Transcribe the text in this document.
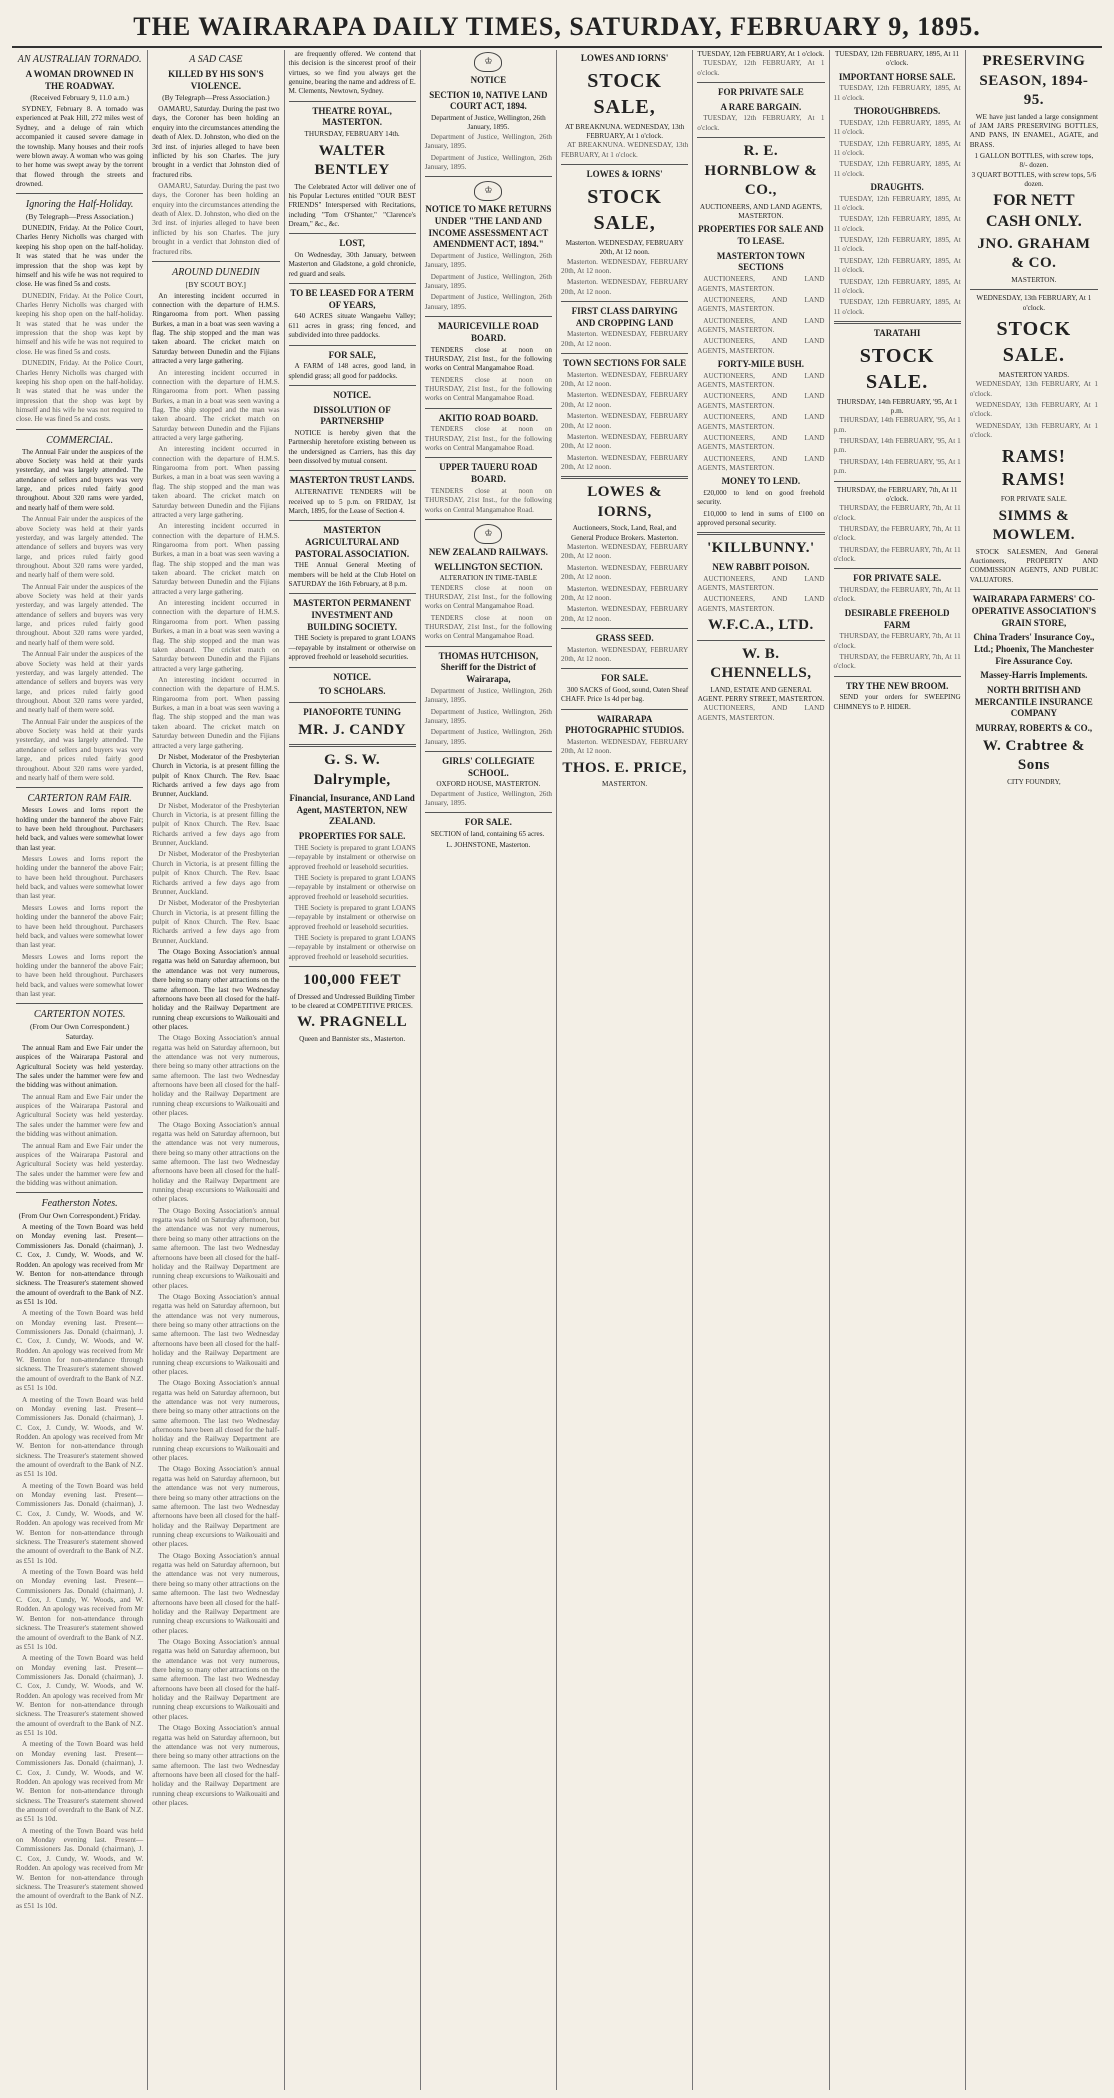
THE WAIRARAPA DAILY TIMES, SATURDAY, FEBRUARY 9, 1895.
AN AUSTRALIAN TORNADO.
A WOMAN DROWNED IN THE ROADWAY.
(Received February 9, 11.0 a.m.)

SYDNEY, February 8. A tornado was experienced at Peak Hill, 272 miles west of Sydney, and a deluge of rain which accompanied it caused severe damage in the township. Many houses and their roofs were blown away. A woman who was going to her home was swept away by the torrent that flowed through the streets and drowned.

Ignoring the Half-Holiday.
(By Telegraph—Press Association.)

DUNEDIN, Friday. At the Police Court, Charles Henry Nicholls was charged with keeping his shop open on the half-holiday. It was stated that he was under the impression that the shop was kept by himself and his wife he was not required to close. He was fined 5s and costs.

DUNEDIN, Friday. At the Police Court, Charles Henry Nicholls was charged with keeping his shop open on the half-holiday. It was stated that he was under the impression that the shop was kept by himself and his wife he was not required to close. He was fined 5s and costs.

DUNEDIN, Friday. At the Police Court, Charles Henry Nicholls was charged with keeping his shop open on the half-holiday. It was stated that he was under the impression that the shop was kept by himself and his wife he was not required to close. He was fined 5s and costs.

COMMERCIAL.

The Annual Fair under the auspices of the above Society was held at their yards yesterday, and was largely attended. The attendance of sellers and buyers was very large, and prices ruled fairly good throughout. About 320 rams were yarded, and nearly half of them were sold.

The Annual Fair under the auspices of the above Society was held at their yards yesterday, and was largely attended. The attendance of sellers and buyers was very large, and prices ruled fairly good throughout. About 320 rams were yarded, and nearly half of them were sold.

The Annual Fair under the auspices of the above Society was held at their yards yesterday, and was largely attended. The attendance of sellers and buyers was very large, and prices ruled fairly good throughout. About 320 rams were yarded, and nearly half of them were sold.

The Annual Fair under the auspices of the above Society was held at their yards yesterday, and was largely attended. The attendance of sellers and buyers was very large, and prices ruled fairly good throughout. About 320 rams were yarded, and nearly half of them were sold.

The Annual Fair under the auspices of the above Society was held at their yards yesterday, and was largely attended. The attendance of sellers and buyers was very large, and prices ruled fairly good throughout. About 320 rams were yarded, and nearly half of them were sold.

CARTERTON RAM FAIR.

Messrs Lowes and Iorns report the holding under the bannerof the above Fair; to have been held throughout. Purchasers held back, and values were somewhat lower than last year.

Messrs Lowes and Iorns report the holding under the bannerof the above Fair; to have been held throughout. Purchasers held back, and values were somewhat lower than last year.

Messrs Lowes and Iorns report the holding under the bannerof the above Fair; to have been held throughout. Purchasers held back, and values were somewhat lower than last year.

Messrs Lowes and Iorns report the holding under the bannerof the above Fair; to have been held throughout. Purchasers held back, and values were somewhat lower than last year.

CARTERTON NOTES.
(From Our Own Correspondent.) Saturday.

The annual Ram and Ewe Fair under the auspices of the Wairarapa Pastoral and Agricultural Society was held yesterday. The sales under the hammer were few and the bidding was without animation.

The annual Ram and Ewe Fair under the auspices of the Wairarapa Pastoral and Agricultural Society was held yesterday. The sales under the hammer were few and the bidding was without animation.

The annual Ram and Ewe Fair under the auspices of the Wairarapa Pastoral and Agricultural Society was held yesterday. The sales under the hammer were few and the bidding was without animation.

Featherston Notes.
(From Our Own Correspondent.) Friday.

A meeting of the Town Board was held on Monday evening last. Present—Commissioners Jas. Donald (chairman), J. C. Cox, J. Cundy, W. Woods, and W. Rodden. An apology was received from Mr W. Benton for non-attendance through sickness. The Treasurer's statement showed the amount of overdraft to the Bank of N.Z. as £51 1s 10d.

A meeting of the Town Board was held on Monday evening last. Present—Commissioners Jas. Donald (chairman), J. C. Cox, J. Cundy, W. Woods, and W. Rodden. An apology was received from Mr W. Benton for non-attendance through sickness. The Treasurer's statement showed the amount of overdraft to the Bank of N.Z. as £51 1s 10d.

A meeting of the Town Board was held on Monday evening last. Present—Commissioners Jas. Donald (chairman), J. C. Cox, J. Cundy, W. Woods, and W. Rodden. An apology was received from Mr W. Benton for non-attendance through sickness. The Treasurer's statement showed the amount of overdraft to the Bank of N.Z. as £51 1s 10d.

A meeting of the Town Board was held on Monday evening last. Present—Commissioners Jas. Donald (chairman), J. C. Cox, J. Cundy, W. Woods, and W. Rodden. An apology was received from Mr W. Benton for non-attendance through sickness. The Treasurer's statement showed the amount of overdraft to the Bank of N.Z. as £51 1s 10d.

A meeting of the Town Board was held on Monday evening last. Present—Commissioners Jas. Donald (chairman), J. C. Cox, J. Cundy, W. Woods, and W. Rodden. An apology was received from Mr W. Benton for non-attendance through sickness. The Treasurer's statement showed the amount of overdraft to the Bank of N.Z. as £51 1s 10d.

A meeting of the Town Board was held on Monday evening last. Present—Commissioners Jas. Donald (chairman), J. C. Cox, J. Cundy, W. Woods, and W. Rodden. An apology was received from Mr W. Benton for non-attendance through sickness. The Treasurer's statement showed the amount of overdraft to the Bank of N.Z. as £51 1s 10d.

A meeting of the Town Board was held on Monday evening last. Present—Commissioners Jas. Donald (chairman), J. C. Cox, J. Cundy, W. Woods, and W. Rodden. An apology was received from Mr W. Benton for non-attendance through sickness. The Treasurer's statement showed the amount of overdraft to the Bank of N.Z. as £51 1s 10d.

A meeting of the Town Board was held on Monday evening last. Present—Commissioners Jas. Donald (chairman), J. C. Cox, J. Cundy, W. Woods, and W. Rodden. An apology was received from Mr W. Benton for non-attendance through sickness. The Treasurer's statement showed the amount of overdraft to the Bank of N.Z. as £51 1s 10d.

A SAD CASE
KILLED BY HIS SON'S VIOLENCE.
(By Telegraph—Press Association.)

OAMARU, Saturday. During the past two days, the Coroner has been holding an enquiry into the circumstances attending the death of Alex. D. Johnston, who died on the 3rd inst. of injuries alleged to have been inflicted by his son Charles. The jury brought in a verdict that Johnston died of fractured ribs.

OAMARU, Saturday. During the past two days, the Coroner has been holding an enquiry into the circumstances attending the death of Alex. D. Johnston, who died on the 3rd inst. of injuries alleged to have been inflicted by his son Charles. The jury brought in a verdict that Johnston died of fractured ribs.

AROUND DUNEDIN
[BY SCOUT BOY.]

An interesting incident occurred in connection with the departure of H.M.S. Ringarooma from port. When passing Burkes, a man in a boat was seen waving a flag. The ship stopped and the man was taken aboard. The cricket match on Saturday between Dunedin and the Fijians attracted a very large gathering.

An interesting incident occurred in connection with the departure of H.M.S. Ringarooma from port. When passing Burkes, a man in a boat was seen waving a flag. The ship stopped and the man was taken aboard. The cricket match on Saturday between Dunedin and the Fijians attracted a very large gathering.

An interesting incident occurred in connection with the departure of H.M.S. Ringarooma from port. When passing Burkes, a man in a boat was seen waving a flag. The ship stopped and the man was taken aboard. The cricket match on Saturday between Dunedin and the Fijians attracted a very large gathering.

An interesting incident occurred in connection with the departure of H.M.S. Ringarooma from port. When passing Burkes, a man in a boat was seen waving a flag. The ship stopped and the man was taken aboard. The cricket match on Saturday between Dunedin and the Fijians attracted a very large gathering.

An interesting incident occurred in connection with the departure of H.M.S. Ringarooma from port. When passing Burkes, a man in a boat was seen waving a flag. The ship stopped and the man was taken aboard. The cricket match on Saturday between Dunedin and the Fijians attracted a very large gathering.

An interesting incident occurred in connection with the departure of H.M.S. Ringarooma from port. When passing Burkes, a man in a boat was seen waving a flag. The ship stopped and the man was taken aboard. The cricket match on Saturday between Dunedin and the Fijians attracted a very large gathering.

Dr Nisbet, Moderator of the Presbyterian Church in Victoria, is at present filling the pulpit of Knox Church. The Rev. Isaac Richards arrived a few days ago from Brunner, Auckland.

Dr Nisbet, Moderator of the Presbyterian Church in Victoria, is at present filling the pulpit of Knox Church. The Rev. Isaac Richards arrived a few days ago from Brunner, Auckland.

Dr Nisbet, Moderator of the Presbyterian Church in Victoria, is at present filling the pulpit of Knox Church. The Rev. Isaac Richards arrived a few days ago from Brunner, Auckland.

Dr Nisbet, Moderator of the Presbyterian Church in Victoria, is at present filling the pulpit of Knox Church. The Rev. Isaac Richards arrived a few days ago from Brunner, Auckland.

The Otago Boxing Association's annual regatta was held on Saturday afternoon, but the attendance was not very numerous, there being so many other attractions on the same afternoon. The last two Wednesday afternoons have been all closed for the half-holiday and the Railway Department are running cheap excursions to Waikouaiti and other places.

The Otago Boxing Association's annual regatta was held on Saturday afternoon, but the attendance was not very numerous, there being so many other attractions on the same afternoon. The last two Wednesday afternoons have been all closed for the half-holiday and the Railway Department are running cheap excursions to Waikouaiti and other places.

The Otago Boxing Association's annual regatta was held on Saturday afternoon, but the attendance was not very numerous, there being so many other attractions on the same afternoon. The last two Wednesday afternoons have been all closed for the half-holiday and the Railway Department are running cheap excursions to Waikouaiti and other places.

The Otago Boxing Association's annual regatta was held on Saturday afternoon, but the attendance was not very numerous, there being so many other attractions on the same afternoon. The last two Wednesday afternoons have been all closed for the half-holiday and the Railway Department are running cheap excursions to Waikouaiti and other places.

The Otago Boxing Association's annual regatta was held on Saturday afternoon, but the attendance was not very numerous, there being so many other attractions on the same afternoon. The last two Wednesday afternoons have been all closed for the half-holiday and the Railway Department are running cheap excursions to Waikouaiti and other places.

The Otago Boxing Association's annual regatta was held on Saturday afternoon, but the attendance was not very numerous, there being so many other attractions on the same afternoon. The last two Wednesday afternoons have been all closed for the half-holiday and the Railway Department are running cheap excursions to Waikouaiti and other places.

The Otago Boxing Association's annual regatta was held on Saturday afternoon, but the attendance was not very numerous, there being so many other attractions on the same afternoon. The last two Wednesday afternoons have been all closed for the half-holiday and the Railway Department are running cheap excursions to Waikouaiti and other places.

The Otago Boxing Association's annual regatta was held on Saturday afternoon, but the attendance was not very numerous, there being so many other attractions on the same afternoon. The last two Wednesday afternoons have been all closed for the half-holiday and the Railway Department are running cheap excursions to Waikouaiti and other places.

The Otago Boxing Association's annual regatta was held on Saturday afternoon, but the attendance was not very numerous, there being so many other attractions on the same afternoon. The last two Wednesday afternoons have been all closed for the half-holiday and the Railway Department are running cheap excursions to Waikouaiti and other places.

The Otago Boxing Association's annual regatta was held on Saturday afternoon, but the attendance was not very numerous, there being so many other attractions on the same afternoon. The last two Wednesday afternoons have been all closed for the half-holiday and the Railway Department are running cheap excursions to Waikouaiti and other places.

are frequently offered. We contend that this decision is the sincerest proof of their virtues, so we find you always get the genuine, bearing the name and address of E. M. Clements, Newtown, Sydney.

THEATRE ROYAL, MASTERTON.
THURSDAY, FEBRUARY 14th.
WALTER BENTLEY

The Celebrated Actor will deliver one of his Popular Lectures entitled "OUR BEST FRIENDS" Interspersed with Recitations, including "Tom O'Shanter," "Clarence's Dream," &c., &c.

LOST,

On Wednesday, 30th January, between Masterton and Gladstone, a gold chronicle, red guard and seals.

TO BE LEASED FOR A TERM OF YEARS,

640 ACRES situate Wangaehu Valley; 611 acres in grass; ring fenced, and subdivided into three paddocks.

FOR SALE,

A FARM of 148 acres, good land, in splendid grass; all good for paddocks.

NOTICE.
DISSOLUTION OF PARTNERSHIP

NOTICE is hereby given that the Partnership heretofore existing between us the undersigned as Carriers, has this day been dissolved by mutual consent.

MASTERTON TRUST LANDS.

ALTERNATIVE TENDERS will be received up to 5 p.m. on FRIDAY, 1st March, 1895, for the Lease of Section 4.

MASTERTON AGRICULTURAL AND PASTORAL ASSOCIATION.

THE Annual General Meeting of members will be held at the Club Hotel on SATURDAY the 16th February, at 8 p.m.

MASTERTON PERMANENT INVESTMENT AND BUILDING SOCIETY.

THE Society is prepared to grant LOANS—repayable by instalment or otherwise on approved freehold or leasehold securities.

NOTICE.
TO SCHOLARS.
PIANOFORTE TUNING
MR. J. CANDY
G. S. W. Dalrymple,
Financial, Insurance, AND Land Agent, MASTERTON, NEW ZEALAND.
PROPERTIES FOR SALE.

THE Society is prepared to grant LOANS—repayable by instalment or otherwise on approved freehold or leasehold securities.

THE Society is prepared to grant LOANS—repayable by instalment or otherwise on approved freehold or leasehold securities.

THE Society is prepared to grant LOANS—repayable by instalment or otherwise on approved freehold or leasehold securities.

THE Society is prepared to grant LOANS—repayable by instalment or otherwise on approved freehold or leasehold securities.

100,000 FEET
of Dressed and Undressed Building Timber to be cleared at COMPETITIVE PRICES.
W. PRAGNELL
Queen and Bannister sts., Masterton.
♔
NOTICE
SECTION 10, NATIVE LAND COURT ACT, 1894.
Department of Justice, Wellington, 26th January, 1895.

Department of Justice, Wellington, 26th January, 1895.

Department of Justice, Wellington, 26th January, 1895.

♔
NOTICE TO MAKE RETURNS UNDER "THE LAND AND INCOME ASSESSMENT ACT AMENDMENT ACT, 1894."

Department of Justice, Wellington, 26th January, 1895.

Department of Justice, Wellington, 26th January, 1895.

Department of Justice, Wellington, 26th January, 1895.

MAURICEVILLE ROAD BOARD.

TENDERS close at noon on THURSDAY, 21st Inst., for the following works on Central Mangamahoe Road.

TENDERS close at noon on THURSDAY, 21st Inst., for the following works on Central Mangamahoe Road.

AKITIO ROAD BOARD.

TENDERS close at noon on THURSDAY, 21st Inst., for the following works on Central Mangamahoe Road.

UPPER TAUERU ROAD BOARD.

TENDERS close at noon on THURSDAY, 21st Inst., for the following works on Central Mangamahoe Road.

♔
NEW ZEALAND RAILWAYS.
WELLINGTON SECTION.
ALTERATION IN TIME-TABLE

TENDERS close at noon on THURSDAY, 21st Inst., for the following works on Central Mangamahoe Road.

TENDERS close at noon on THURSDAY, 21st Inst., for the following works on Central Mangamahoe Road.

THOMAS HUTCHISON, Sheriff for the District of Wairarapa,

Department of Justice, Wellington, 26th January, 1895.

Department of Justice, Wellington, 26th January, 1895.

Department of Justice, Wellington, 26th January, 1895.

GIRLS' COLLEGIATE SCHOOL.
OXFORD HOUSE, MASTERTON.

Department of Justice, Wellington, 26th January, 1895.

FOR SALE.

SECTION of land, containing 65 acres.

L. JOHNSTONE, Masterton.
LOWES AND IORNS'
STOCK SALE,
AT BREAKNUNA. WEDNESDAY, 13th FEBRUARY, At 1 o'clock.

AT BREAKNUNA. WEDNESDAY, 13th FEBRUARY, At 1 o'clock.

LOWES & IORNS'
STOCK SALE,
Masterton. WEDNESDAY, FEBRUARY 20th, At 12 noon.

Masterton. WEDNESDAY, FEBRUARY 20th, At 12 noon.

Masterton. WEDNESDAY, FEBRUARY 20th, At 12 noon.

FIRST CLASS DAIRYING AND CROPPING LAND

Masterton. WEDNESDAY, FEBRUARY 20th, At 12 noon.

TOWN SECTIONS FOR SALE

Masterton. WEDNESDAY, FEBRUARY 20th, At 12 noon.

Masterton. WEDNESDAY, FEBRUARY 20th, At 12 noon.

Masterton. WEDNESDAY, FEBRUARY 20th, At 12 noon.

Masterton. WEDNESDAY, FEBRUARY 20th, At 12 noon.

Masterton. WEDNESDAY, FEBRUARY 20th, At 12 noon.

LOWES & IORNS,
Auctioneers, Stock, Land, Real, and General Produce Brokers. Masterton.

Masterton. WEDNESDAY, FEBRUARY 20th, At 12 noon.

Masterton. WEDNESDAY, FEBRUARY 20th, At 12 noon.

Masterton. WEDNESDAY, FEBRUARY 20th, At 12 noon.

Masterton. WEDNESDAY, FEBRUARY 20th, At 12 noon.

GRASS SEED.

Masterton. WEDNESDAY, FEBRUARY 20th, At 12 noon.

FOR SALE.

300 SACKS of Good, sound, Oaten Sheaf CHAFF. Price 1s 4d per bag.

WAIRARAPA PHOTOGRAPHIC STUDIOS.

Masterton. WEDNESDAY, FEBRUARY 20th, At 12 noon.

THOS. E. PRICE,
MASTERTON.
TUESDAY, 12th FEBRUARY, At 1 o'clock.

TUESDAY, 12th FEBRUARY, At 1 o'clock.

FOR PRIVATE SALE
A RARE BARGAIN.

TUESDAY, 12th FEBRUARY, At 1 o'clock.

R. E. HORNBLOW & CO.,
AUCTIONEERS, AND LAND AGENTS, MASTERTON.
PROPERTIES FOR SALE AND TO LEASE.
MASTERTON TOWN SECTIONS

AUCTIONEERS, AND LAND AGENTS, MASTERTON.

AUCTIONEERS, AND LAND AGENTS, MASTERTON.

AUCTIONEERS, AND LAND AGENTS, MASTERTON.

AUCTIONEERS, AND LAND AGENTS, MASTERTON.

FORTY-MILE BUSH.

AUCTIONEERS, AND LAND AGENTS, MASTERTON.

AUCTIONEERS, AND LAND AGENTS, MASTERTON.

AUCTIONEERS, AND LAND AGENTS, MASTERTON.

AUCTIONEERS, AND LAND AGENTS, MASTERTON.

AUCTIONEERS, AND LAND AGENTS, MASTERTON.

MONEY TO LEND.

£20,000 to lend on good freehold security.

£10,000 to lend in sums of £100 on approved personal security.

'KILLBUNNY.'
NEW RABBIT POISON.

AUCTIONEERS, AND LAND AGENTS, MASTERTON.

AUCTIONEERS, AND LAND AGENTS, MASTERTON.

W.F.C.A., LTD.
W. B. CHENNELLS,
LAND, ESTATE AND GENERAL AGENT. PERRY STREET, MASTERTON.

AUCTIONEERS, AND LAND AGENTS, MASTERTON.

TUESDAY, 12th FEBRUARY, 1895, At 11 o'clock.
IMPORTANT HORSE SALE.

TUESDAY, 12th FEBRUARY, 1895, At 11 o'clock.

THOROUGHBREDS.

TUESDAY, 12th FEBRUARY, 1895, At 11 o'clock.

TUESDAY, 12th FEBRUARY, 1895, At 11 o'clock.

TUESDAY, 12th FEBRUARY, 1895, At 11 o'clock.

DRAUGHTS.

TUESDAY, 12th FEBRUARY, 1895, At 11 o'clock.

TUESDAY, 12th FEBRUARY, 1895, At 11 o'clock.

TUESDAY, 12th FEBRUARY, 1895, At 11 o'clock.

TUESDAY, 12th FEBRUARY, 1895, At 11 o'clock.

TUESDAY, 12th FEBRUARY, 1895, At 11 o'clock.

TUESDAY, 12th FEBRUARY, 1895, At 11 o'clock.

TARATAHI
STOCK SALE.
THURSDAY, 14th FEBRUARY, '95, At 1 p.m.

THURSDAY, 14th FEBRUARY, '95, At 1 p.m.

THURSDAY, 14th FEBRUARY, '95, At 1 p.m.

THURSDAY, 14th FEBRUARY, '95, At 1 p.m.

THURSDAY, the FEBRUARY, 7th, At 11 o'clock.

THURSDAY, the FEBRUARY, 7th, At 11 o'clock.

THURSDAY, the FEBRUARY, 7th, At 11 o'clock.

THURSDAY, the FEBRUARY, 7th, At 11 o'clock.

FOR PRIVATE SALE.

THURSDAY, the FEBRUARY, 7th, At 11 o'clock.

DESIRABLE FREEHOLD FARM

THURSDAY, the FEBRUARY, 7th, At 11 o'clock.

THURSDAY, the FEBRUARY, 7th, At 11 o'clock.

TRY THE NEW BROOM.

SEND your orders for SWEEPING CHIMNEYS to P. HIDER.

PRESERVING SEASON, 1894-95.

WE have just landed a large consignment of JAM JARS PRESERVING BOTTLES, AND PANS, IN ENAMEL, AGATE, and BRASS.

1 GALLON BOTTLES, with screw tops, 8/- dozen.
3 QUART BOTTLES, with screw tops, 5/6 dozen.
FOR NETT CASH ONLY.
JNO. GRAHAM & CO.
MASTERTON.
WEDNESDAY, 13th FEBRUARY, At 1 o'clock.
STOCK SALE.
MASTERTON YARDS.

WEDNESDAY, 13th FEBRUARY, At 1 o'clock.

WEDNESDAY, 13th FEBRUARY, At 1 o'clock.

WEDNESDAY, 13th FEBRUARY, At 1 o'clock.

RAMS! RAMS!
FOR PRIVATE SALE.
SIMMS & MOWLEM.

STOCK SALESMEN, And General Auctioneers, PROPERTY AND COMMISSION AGENTS, AND PUBLIC VALUATORS.

WAIRARAPA FARMERS' CO-OPERATIVE ASSOCIATION'S GRAIN STORE,
China Traders' Insurance Coy., Ltd.; Phoenix, The Manchester Fire Assurance Coy.
Massey-Harris Implements.
NORTH BRITISH AND MERCANTILE INSURANCE COMPANY
MURRAY, ROBERTS & CO.,
W. Crabtree & Sons
CITY FOUNDRY,
